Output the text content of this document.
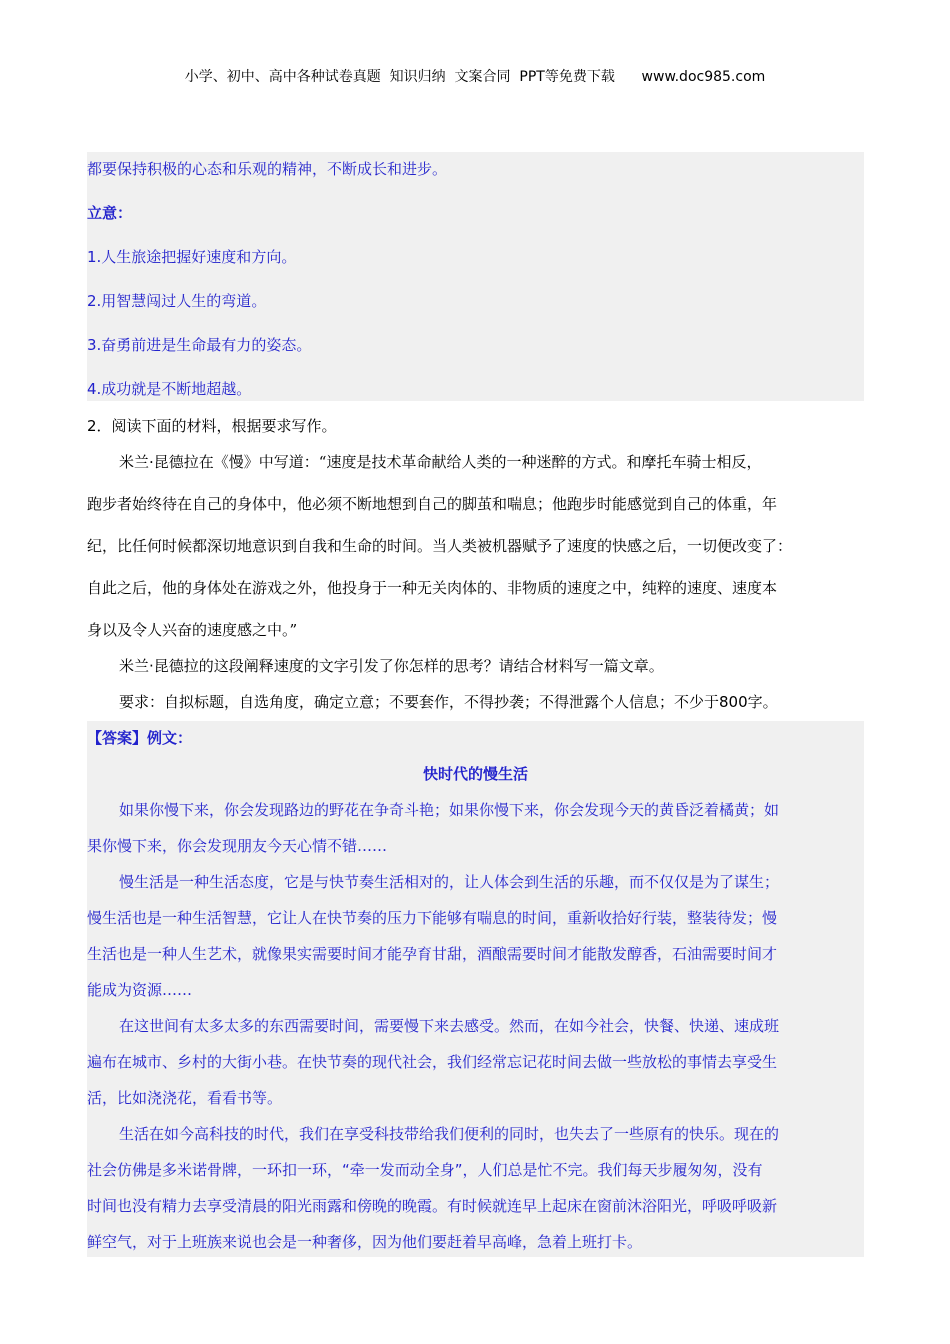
小学、初中、高中各种试卷真题  知识归纳  文案合同  PPT等免费下载      www.doc985.com
都要保持积极的心态和乐观的精神，不断成长和进步。
立意：
1.人生旅途把握好速度和方向。
2.用智慧闯过人生的弯道。
3.奋勇前进是生命最有力的姿态。
4.成功就是不断地超越。
2．阅读下面的材料，根据要求写作。
米兰·昆德拉在《慢》中写道：“速度是技术革命献给人类的一种迷醉的方式。和摩托车骑士相反，
跑步者始终待在自己的身体中，他必须不断地想到自己的脚茧和喘息；他跑步时能感觉到自己的体重，年
纪，比任何时候都深切地意识到自我和生命的时间。当人类被机器赋予了速度的快感之后，一切便改变了：
自此之后，他的身体处在游戏之外，他投身于一种无关肉体的、非物质的速度之中，纯粹的速度、速度本
身以及令人兴奋的速度感之中。”
米兰·昆德拉的这段阐释速度的文字引发了你怎样的思考？请结合材料写一篇文章。
要求：自拟标题，自选角度，确定立意；不要套作，不得抄袭；不得泄露个人信息；不少于800字。
【答案】例文：
快时代的慢生活
如果你慢下来，你会发现路边的野花在争奇斗艳；如果你慢下来，你会发现今天的黄昏泛着橘黄；如
果你慢下来，你会发现朋友今天心情不错……
慢生活是一种生活态度，它是与快节奏生活相对的，让人体会到生活的乐趣，而不仅仅是为了谋生；
慢生活也是一种生活智慧，它让人在快节奏的压力下能够有喘息的时间，重新收拾好行装，整装待发；慢
生活也是一种人生艺术，就像果实需要时间才能孕育甘甜，酒酿需要时间才能散发醇香，石油需要时间才
能成为资源……
在这世间有太多太多的东西需要时间，需要慢下来去感受。然而，在如今社会，快餐、快递、速成班
遍布在城市、乡村的大街小巷。在快节奏的现代社会，我们经常忘记花时间去做一些放松的事情去享受生
活，比如浇浇花，看看书等。
生活在如今高科技的时代，我们在享受科技带给我们便利的同时，也失去了一些原有的快乐。现在的
社会仿佛是多米诺骨牌，一环扣一环，“牵一发而动全身”，人们总是忙不完。我们每天步履匆匆，没有
时间也没有精力去享受清晨的阳光雨露和傍晚的晚霞。有时候就连早上起床在窗前沐浴阳光，呼吸呼吸新
鲜空气，对于上班族来说也会是一种奢侈，因为他们要赶着早高峰，急着上班打卡。
